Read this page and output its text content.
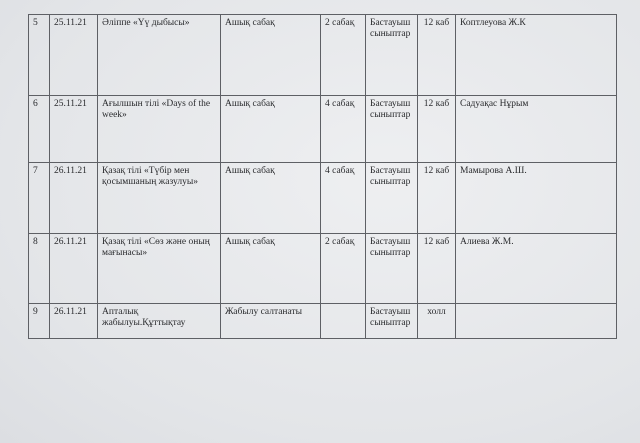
5	25.11.21	Әліппе «Үү дыбысы»	Ашық сабақ	2 сабақ	Бастауыш сыныптар	12 каб	Коптлеуова Ж.К
6	25.11.21	Ағылшын тілі «Days of the week»	Ашық сабақ	4 сабақ	Бастауыш сыныптар	12 каб	Садуақас Нұрым
7	26.11.21	Қазақ тілі «Түбір мен қосымшаның жазулуы»	Ашық сабақ	4 сабақ	Бастауыш сыныптар	12 каб	Мамырова А.Ш.
8	26.11.21	Қазақ тілі «Сөз және оның мағынасы»	Ашық сабақ	2 сабақ	Бастауыш сыныптар	12 каб	Алиева Ж.М.
9	26.11.21	Апталық жабылуы.Құттықтау	Жабылу салтанаты		Бастауыш сыныптар	холл	
